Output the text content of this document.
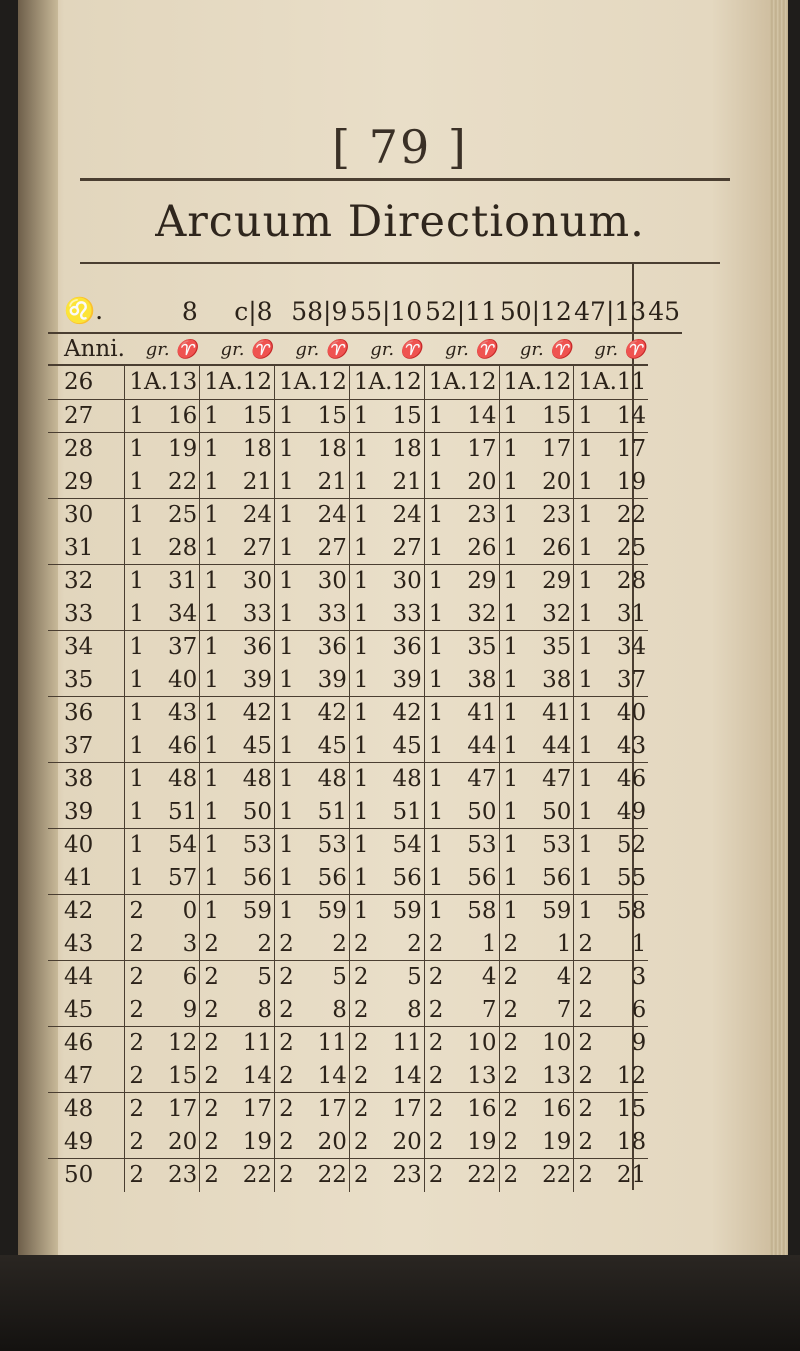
[ 79 ]
Arcuum Directionum.
♌.	8		c|8		58|9		55|10		52|11		50|12		47|13		45
Anni.	gr. ♈		gr. ♈		gr. ♈		gr. ♈		gr. ♈		gr. ♈		gr. ♈		
26	1	A.13	1	A.12	1	A.12	1	A.12	1	A.12	1	A.12	1	A.11	
27	1	16	1	15	1	15	1	15	1	14	1	15	1	14	
28	1	19	1	18	1	18	1	18	1	17	1	17	1	17	
29	1	22	1	21	1	21	1	21	1	20	1	20	1	19	
30	1	25	1	24	1	24	1	24	1	23	1	23	1	22	
31	1	28	1	27	1	27	1	27	1	26	1	26	1	25	
32	1	31	1	30	1	30	1	30	1	29	1	29	1	28	
33	1	34	1	33	1	33	1	33	1	32	1	32	1	31	
34	1	37	1	36	1	36	1	36	1	35	1	35	1	34	
35	1	40	1	39	1	39	1	39	1	38	1	38	1	37	
36	1	43	1	42	1	42	1	42	1	41	1	41	1	40	
37	1	46	1	45	1	45	1	45	1	44	1	44	1	43	
38	1	48	1	48	1	48	1	48	1	47	1	47	1	46	
39	1	51	1	50	1	51	1	51	1	50	1	50	1	49	
40	1	54	1	53	1	53	1	54	1	53	1	53	1	52	
41	1	57	1	56	1	56	1	56	1	56	1	56	1	55	
42	2	0	1	59	1	59	1	59	1	58	1	59	1	58	
43	2	3	2	2	2	2	2	2	2	1	2	1	2	1	
44	2	6	2	5	2	5	2	5	2	4	2	4	2	3	
45	2	9	2	8	2	8	2	8	2	7	2	7	2	6	
46	2	12	2	11	2	11	2	11	2	10	2	10	2	9	
47	2	15	2	14	2	14	2	14	2	13	2	13	2	12	
48	2	17	2	17	2	17	2	17	2	16	2	16	2	15	
49	2	20	2	19	2	20	2	20	2	19	2	19	2	18	
50	2	23	2	22	2	22	2	23	2	22	2	22	2	21	
